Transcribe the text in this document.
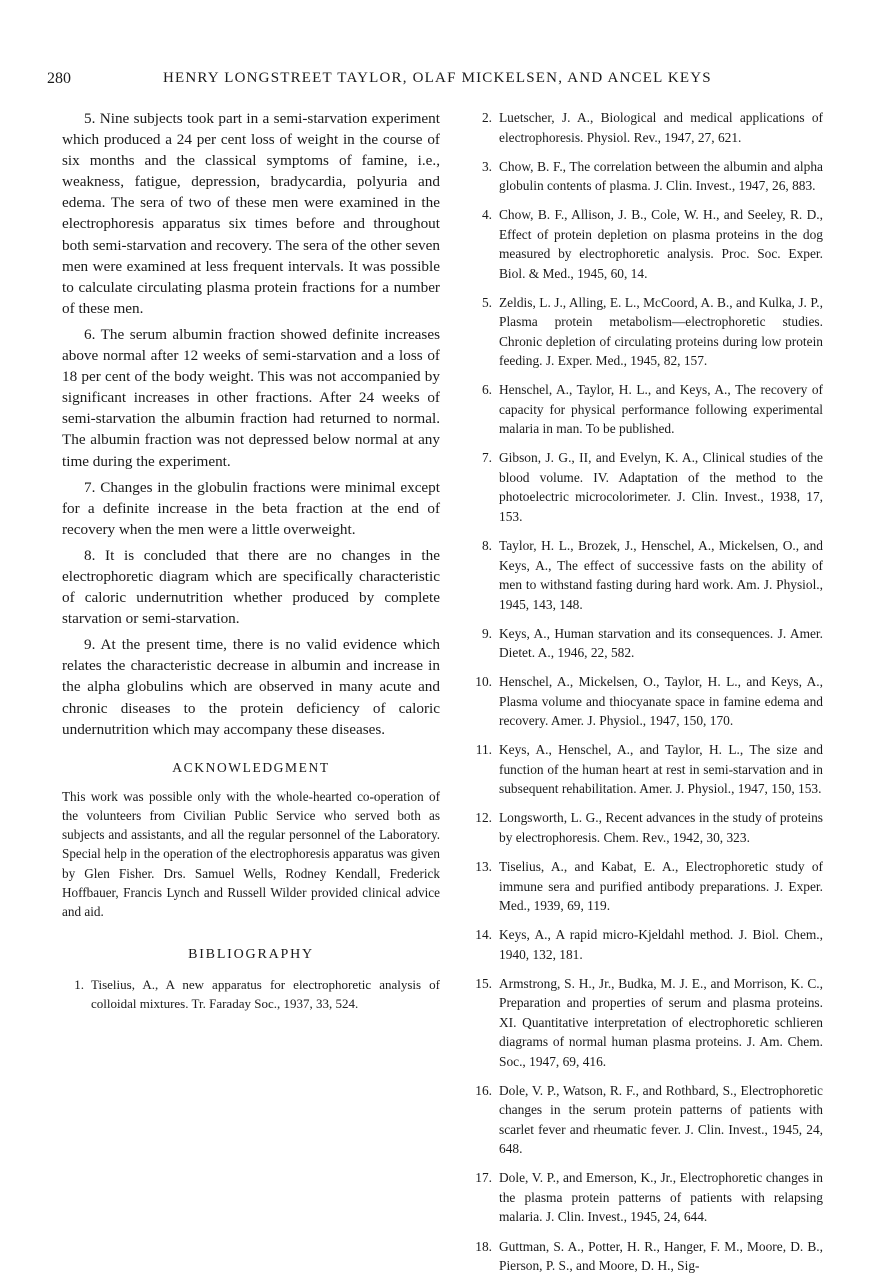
280	HENRY LONGSTREET TAYLOR, OLAF MICKELSEN, AND ANCEL KEYS

5. Nine subjects took part in a semi-starvation experiment which produced a 24 per cent loss of weight in the course of six months and the classical symptoms of famine, i.e., weakness, fatigue, depression, bradycardia, polyuria and edema. The sera of two of these men were examined in the electrophoresis apparatus six times before and throughout both semi-starvation and recovery. The sera of the other seven men were examined at less frequent intervals. It was possible to calculate circulating plasma protein fractions for a number of these men.

6. The serum albumin fraction showed definite increases above normal after 12 weeks of semi-starvation and a loss of 18 per cent of the body weight. This was not accompanied by significant increases in other fractions. After 24 weeks of semi-starvation the albumin fraction had returned to normal. The albumin fraction was not depressed below normal at any time during the experiment.

7. Changes in the globulin fractions were minimal except for a definite increase in the beta fraction at the end of recovery when the men were a little overweight.

8. It is concluded that there are no changes in the electrophoretic diagram which are specifically characteristic of caloric undernutrition whether produced by complete starvation or semi-starvation.

9. At the present time, there is no valid evidence which relates the characteristic decrease in albumin and increase in the alpha globulins which are observed in many acute and chronic diseases to the protein deficiency of caloric undernutrition which may accompany these diseases.

ACKNOWLEDGMENT

This work was possible only with the whole-hearted co-operation of the volunteers from Civilian Public Service who served both as subjects and assistants, and all the regular personnel of the Laboratory. Special help in the operation of the electrophoresis apparatus was given by Glen Fisher. Drs. Samuel Wells, Rodney Kendall, Frederick Hoffbauer, Francis Lynch and Russell Wilder provided clinical advice and aid.

BIBLIOGRAPHY
1. Tiselius, A., A new apparatus for electrophoretic analysis of colloidal mixtures. Tr. Faraday Soc., 1937, 33, 524.
2. Luetscher, J. A., Biological and medical applications of electrophoresis. Physiol. Rev., 1947, 27, 621.
3. Chow, B. F., The correlation between the albumin and alpha globulin contents of plasma. J. Clin. Invest., 1947, 26, 883.
4. Chow, B. F., Allison, J. B., Cole, W. H., and Seeley, R. D., Effect of protein depletion on plasma proteins in the dog measured by electrophoretic analysis. Proc. Soc. Exper. Biol. & Med., 1945, 60, 14.
5. Zeldis, L. J., Alling, E. L., McCoord, A. B., and Kulka, J. P., Plasma protein metabolism—electrophoretic studies. Chronic depletion of circulating proteins during low protein feeding. J. Exper. Med., 1945, 82, 157.
6. Henschel, A., Taylor, H. L., and Keys, A., The recovery of capacity for physical performance following experimental malaria in man. To be published.
7. Gibson, J. G., II, and Evelyn, K. A., Clinical studies of the blood volume. IV. Adaptation of the method to the photoelectric microcolorimeter. J. Clin. Invest., 1938, 17, 153.
8. Taylor, H. L., Brozek, J., Henschel, A., Mickelsen, O., and Keys, A., The effect of successive fasts on the ability of men to withstand fasting during hard work. Am. J. Physiol., 1945, 143, 148.
9. Keys, A., Human starvation and its consequences. J. Amer. Dietet. A., 1946, 22, 582.
10. Henschel, A., Mickelsen, O., Taylor, H. L., and Keys, A., Plasma volume and thiocyanate space in famine edema and recovery. Amer. J. Physiol., 1947, 150, 170.
11. Keys, A., Henschel, A., and Taylor, H. L., The size and function of the human heart at rest in semi-starvation and in subsequent rehabilitation. Amer. J. Physiol., 1947, 150, 153.
12. Longsworth, L. G., Recent advances in the study of proteins by electrophoresis. Chem. Rev., 1942, 30, 323.
13. Tiselius, A., and Kabat, E. A., Electrophoretic study of immune sera and purified antibody preparations. J. Exper. Med., 1939, 69, 119.
14. Keys, A., A rapid micro-Kjeldahl method. J. Biol. Chem., 1940, 132, 181.
15. Armstrong, S. H., Jr., Budka, M. J. E., and Morrison, K. C., Preparation and properties of serum and plasma proteins. XI. Quantitative interpretation of electrophoretic schlieren diagrams of normal human plasma proteins. J. Am. Chem. Soc., 1947, 69, 416.
16. Dole, V. P., Watson, R. F., and Rothbard, S., Electrophoretic changes in the serum protein patterns of patients with scarlet fever and rheumatic fever. J. Clin. Invest., 1945, 24, 648.
17. Dole, V. P., and Emerson, K., Jr., Electrophoretic changes in the plasma protein patterns of patients with relapsing malaria. J. Clin. Invest., 1945, 24, 644.
18. Guttman, S. A., Potter, H. R., Hanger, F. M., Moore, D. B., Pierson, P. S., and Moore, D. H., Sig-
